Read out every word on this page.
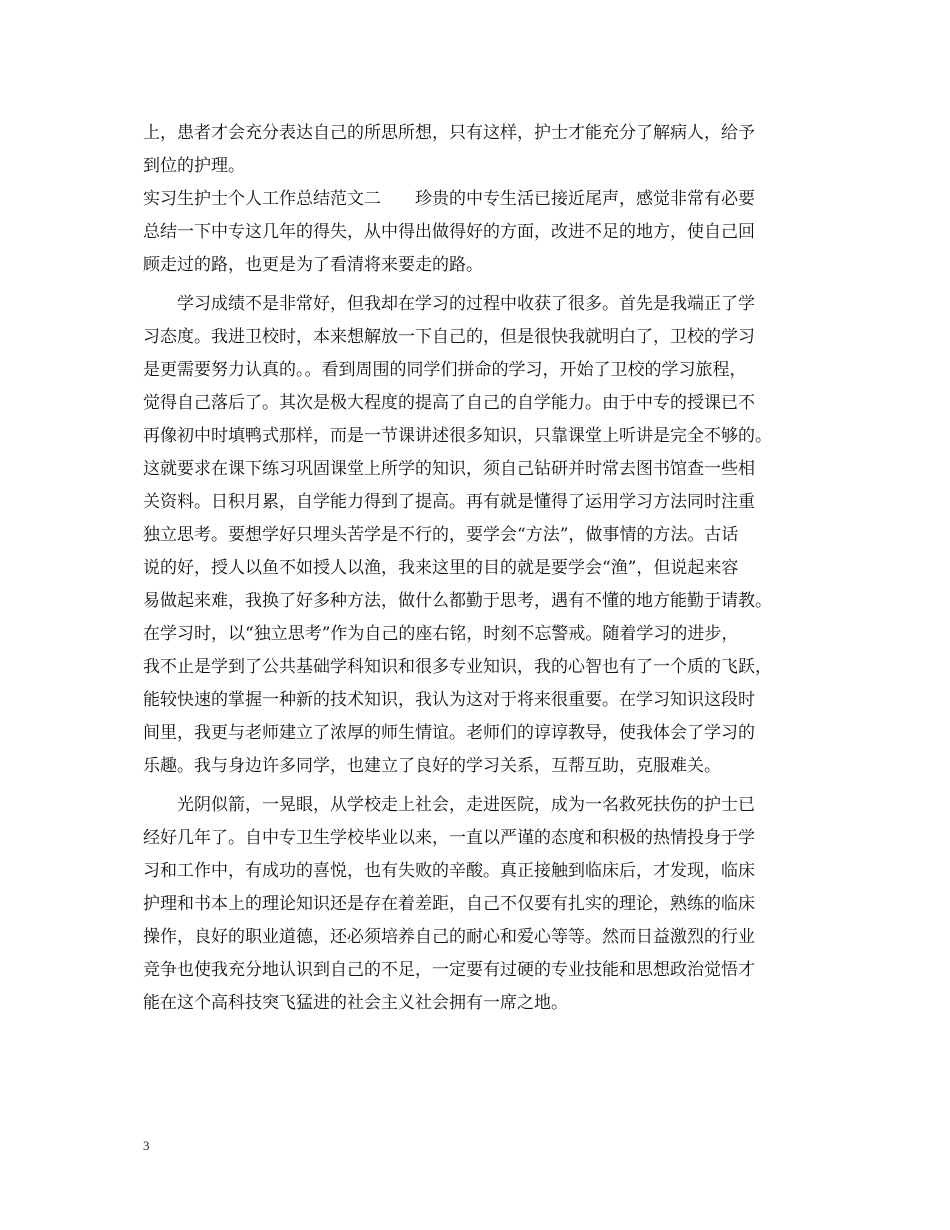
上，患者才会充分表达自己的所思所想，只有这样，护士才能充分了解病人，给予

到位的护理。

实习生护士个人工作总结范文二　　珍贵的中专生活已接近尾声，感觉非常有必要

总结一下中专这几年的得失，从中得出做得好的方面，改进不足的地方，使自己回

顾走过的路，也更是为了看清将来要走的路。

学习成绩不是非常好，但我却在学习的过程中收获了很多。首先是我端正了学

习态度。我进卫校时，本来想解放一下自己的，但是很快我就明白了，卫校的学习

是更需要努力认真的。。看到周围的同学们拼命的学习，开始了卫校的学习旅程，

觉得自己落后了。其次是极大程度的提高了自己的自学能力。由于中专的授课已不

再像初中时填鸭式那样，而是一节课讲述很多知识，只靠课堂上听讲是完全不够的。

这就要求在课下练习巩固课堂上所学的知识，须自己钻研并时常去图书馆查一些相

关资料。日积月累，自学能力得到了提高。再有就是懂得了运用学习方法同时注重

独立思考。要想学好只埋头苦学是不行的，要学会“方法”，做事情的方法。古话

说的好，授人以鱼不如授人以渔，我来这里的目的就是要学会“渔”，但说起来容

易做起来难，我换了好多种方法，做什么都勤于思考，遇有不懂的地方能勤于请教。

在学习时，以“独立思考”作为自己的座右铭，时刻不忘警戒。随着学习的进步，

我不止是学到了公共基础学科知识和很多专业知识，我的心智也有了一个质的飞跃，

能较快速的掌握一种新的技术知识，我认为这对于将来很重要。在学习知识这段时

间里，我更与老师建立了浓厚的师生情谊。老师们的谆谆教导，使我体会了学习的

乐趣。我与身边许多同学，也建立了良好的学习关系，互帮互助，克服难关。

光阴似箭，一晃眼，从学校走上社会，走进医院，成为一名救死扶伤的护士已

经好几年了。自中专卫生学校毕业以来，一直以严谨的态度和积极的热情投身于学

习和工作中，有成功的喜悦，也有失败的辛酸。真正接触到临床后，才发现，临床

护理和书本上的理论知识还是存在着差距，自己不仅要有扎实的理论，熟练的临床

操作，良好的职业道德，还必须培养自己的耐心和爱心等等。然而日益激烈的行业

竞争也使我充分地认识到自己的不足，一定要有过硬的专业技能和思想政治觉悟才

能在这个高科技突飞猛进的社会主义社会拥有一席之地。

3
